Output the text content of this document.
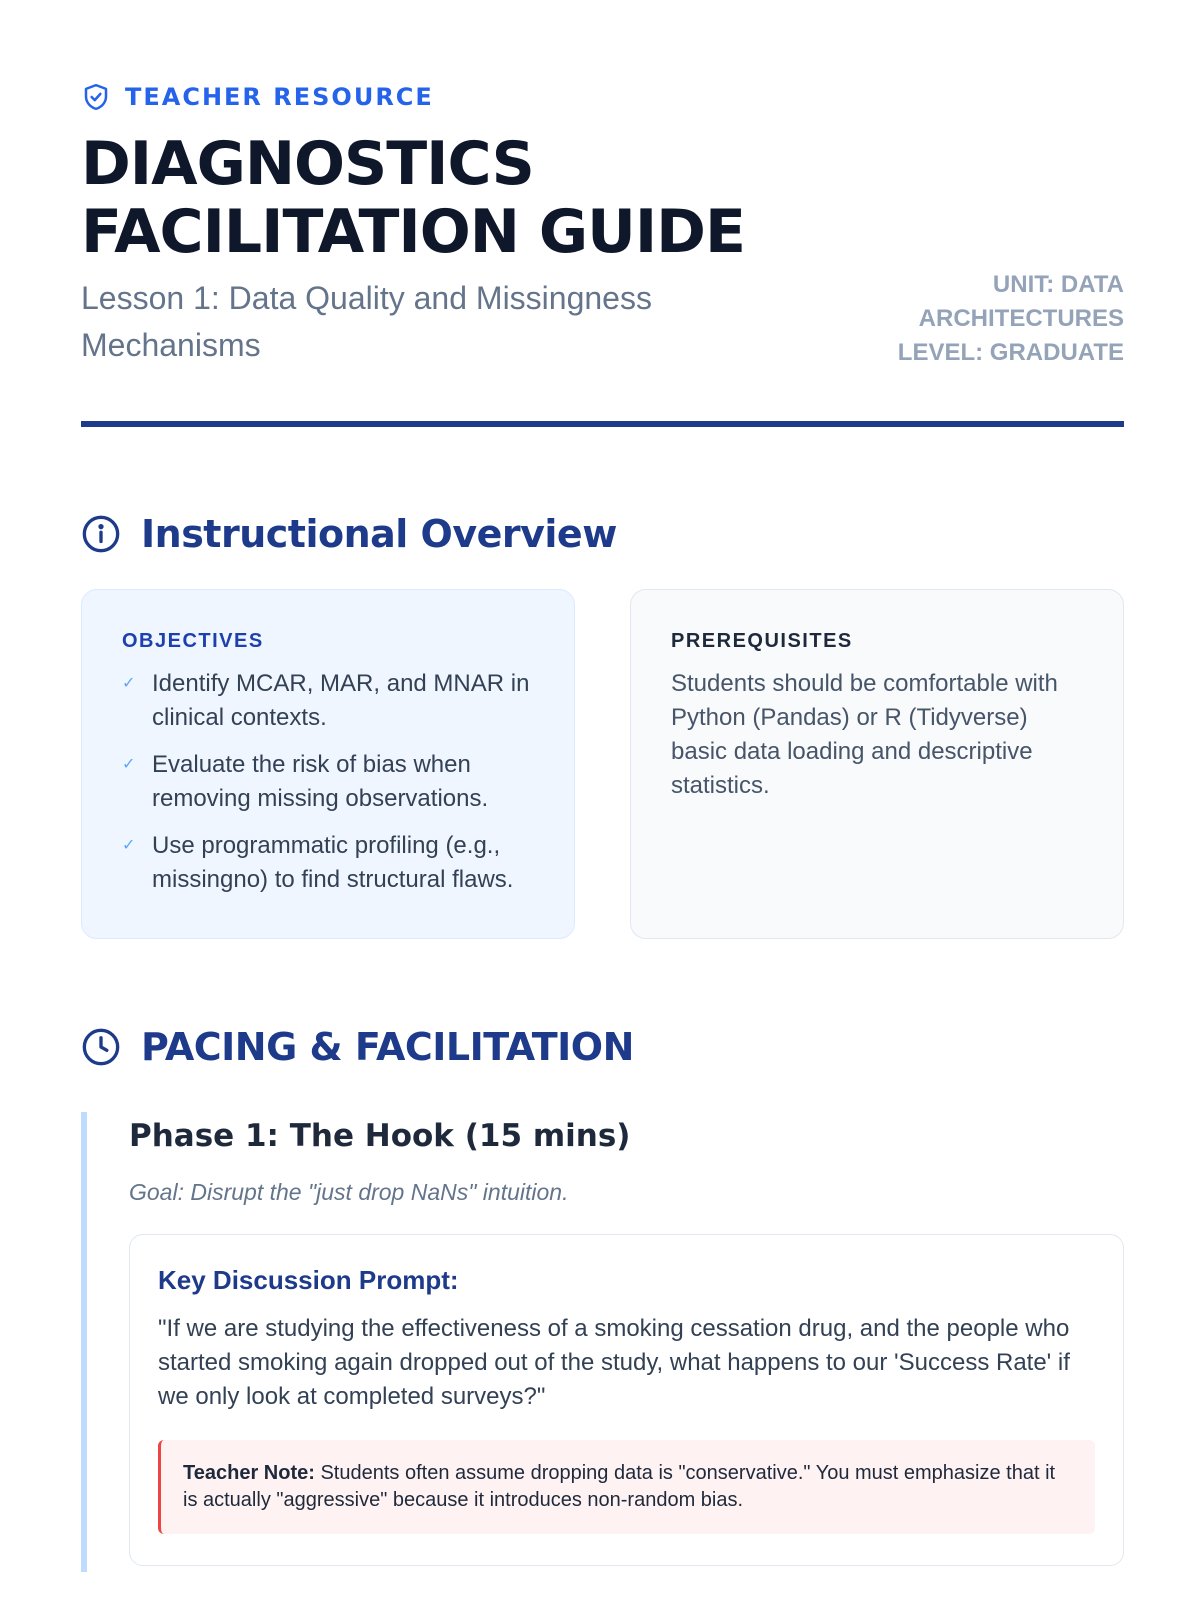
TEACHER RESOURCE
DIAGNOSTICS
FACILITATION GUIDE

Lesson 1: Data Quality and Missingness Mechanisms

UNIT: DATA
ARCHITECTURES
LEVEL: GRADUATE
Instructional Overview
OBJECTIVES
✓ Identify MCAR, MAR, and MNAR in clinical contexts.
✓ Evaluate the risk of bias when removing missing observations.
✓ Use programmatic profiling (e.g., missingno) to find structural flaws.
PREREQUISITES

Students should be comfortable with Python (Pandas) or R (Tidyverse) basic data loading and descriptive statistics.

PACING & FACILITATION
Phase 1: The Hook (15 mins)

Goal: Disrupt the "just drop NaNs" intuition.

Key Discussion Prompt:

"If we are studying the effectiveness of a smoking cessation drug, and the people who started smoking again dropped out of the study, what happens to our 'Success Rate' if we only look at completed surveys?"

Teacher Note: Students often assume dropping data is "conservative." You must emphasize that it is actually "aggressive" because it introduces non-random bias.
